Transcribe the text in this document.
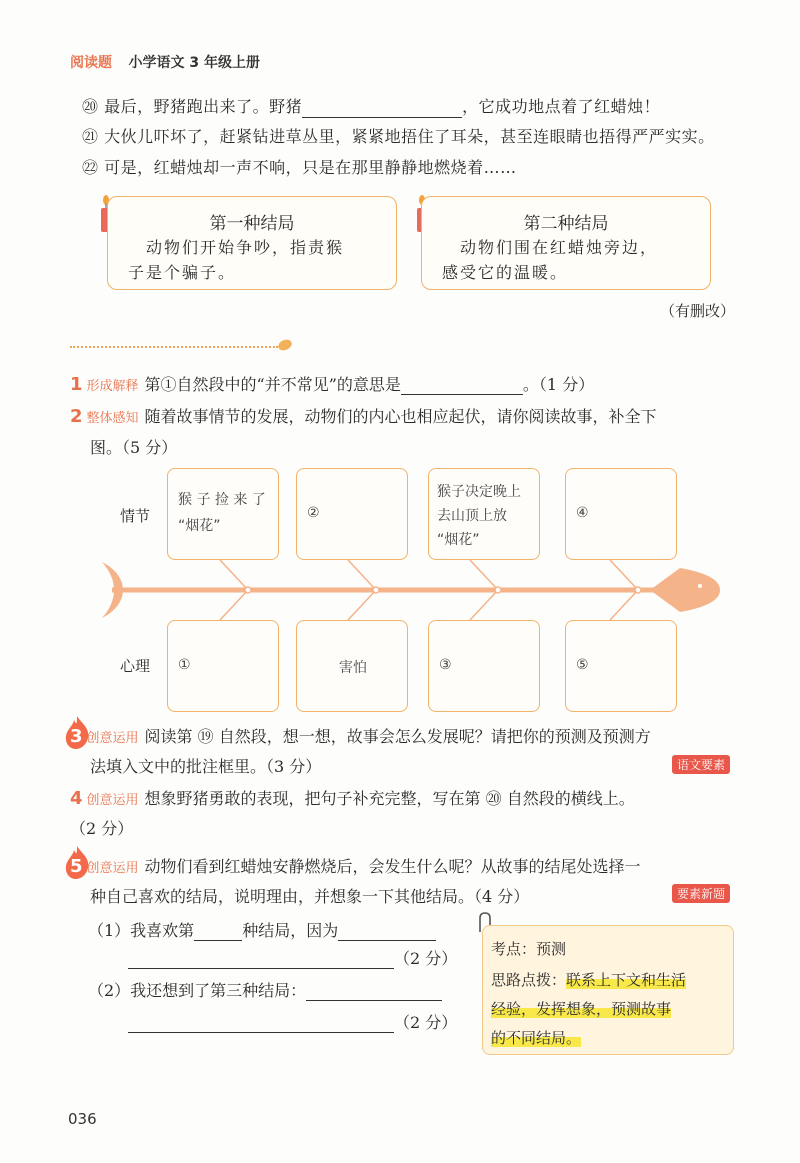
阅读题 小学语文 3 年级上册
⑳ 最后，野猪跑出来了。野猪	，它成功地点着了红蜡烛！
㉑ 大伙儿吓坏了，赶紧钻进草丛里，紧紧地捂住了耳朵，甚至连眼睛也捂得严严实实。
㉒ 可是，红蜡烛却一声不响，只是在那里静静地燃烧着……
第一种结局
　动物们开始争吵，指责猴
子是个骗子。
第二种结局
　动物们围在红蜡烛旁边，
感受它的温暖。
（有删改）
1 形成解释 第①自然段中的“并不常见”的意思是	。（1 分）
2 整体感知 随着故事情节的发展，动物们的内心也相应起伏，请你阅读故事，补全下
图。（5 分）
情节
心理
猴 子 捡 来 了
“烟花”
②
猴子决定晚上
去山顶上放
“烟花”
④
①	害怕	③	⑤
3 创意运用 阅读第 ⑲ 自然段，想一想，故事会怎么发展呢？请把你的预测及预测方
法填入文中的批注框里。（3 分）	语文要素
4 创意运用 想象野猪勇敢的表现，把句子补充完整，写在第 ⑳ 自然段的横线上。
（2 分）
5 创意运用 动物们看到红蜡烛安静燃烧后，会发生什么呢？从故事的结尾处选择一
种自己喜欢的结局，说明理由，并想象一下其他结局。（4 分）	要素新题
（1）我喜欢第	种结局，因为
（2 分）
（2）我还想到了第三种结局：
（2 分）
考点：预测
思路点拨：联系上下文和生活
经验，发挥想象，预测故事
的不同结局。
036
